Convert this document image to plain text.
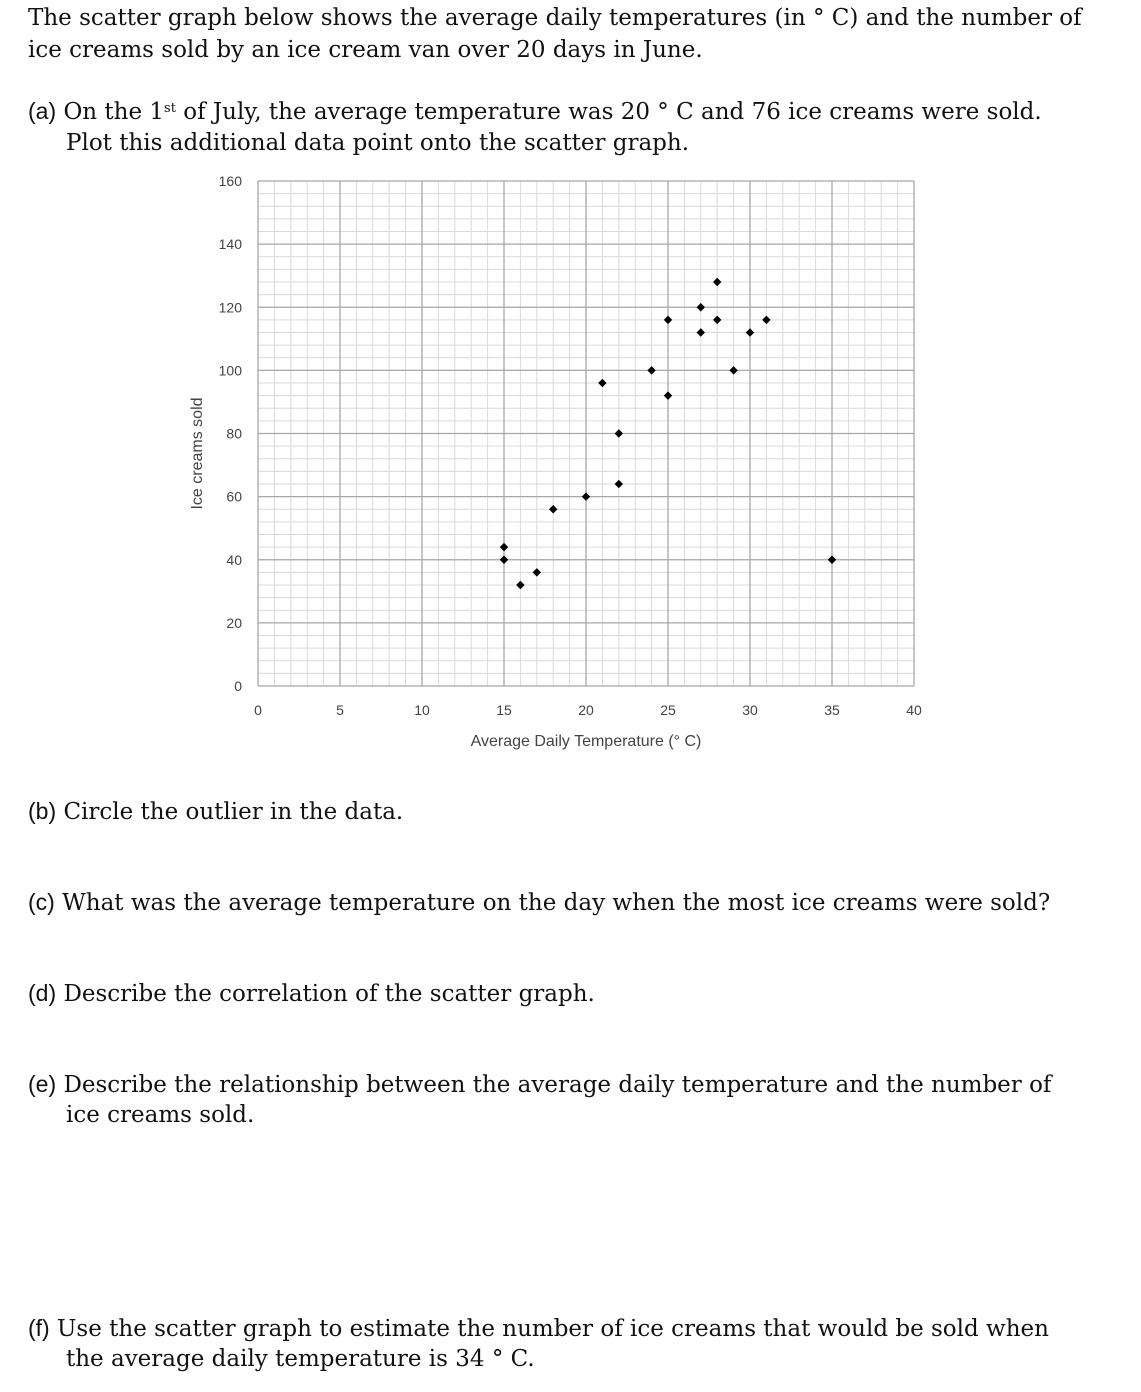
The scatter graph below shows the average daily temperatures (in ° C) and the number of
ice creams sold by an ice cream van over 20 days in June.
(a) On the 1st of July, the average temperature was 20 ° C and 76 ice creams were sold.
Plot this additional data point onto the scatter graph.
0
20
40
60
80
100
120
140
160
0	5	10	15	20	25	30	35	40
Average Daily Temperature (° C)
Ice creams sold
(b) Circle the outlier in the data.
(c) What was the average temperature on the day when the most ice creams were sold?
(d) Describe the correlation of the scatter graph.
(e) Describe the relationship between the average daily temperature and the number of
ice creams sold.
(f) Use the scatter graph to estimate the number of ice creams that would be sold when
the average daily temperature is 34 ° C.
